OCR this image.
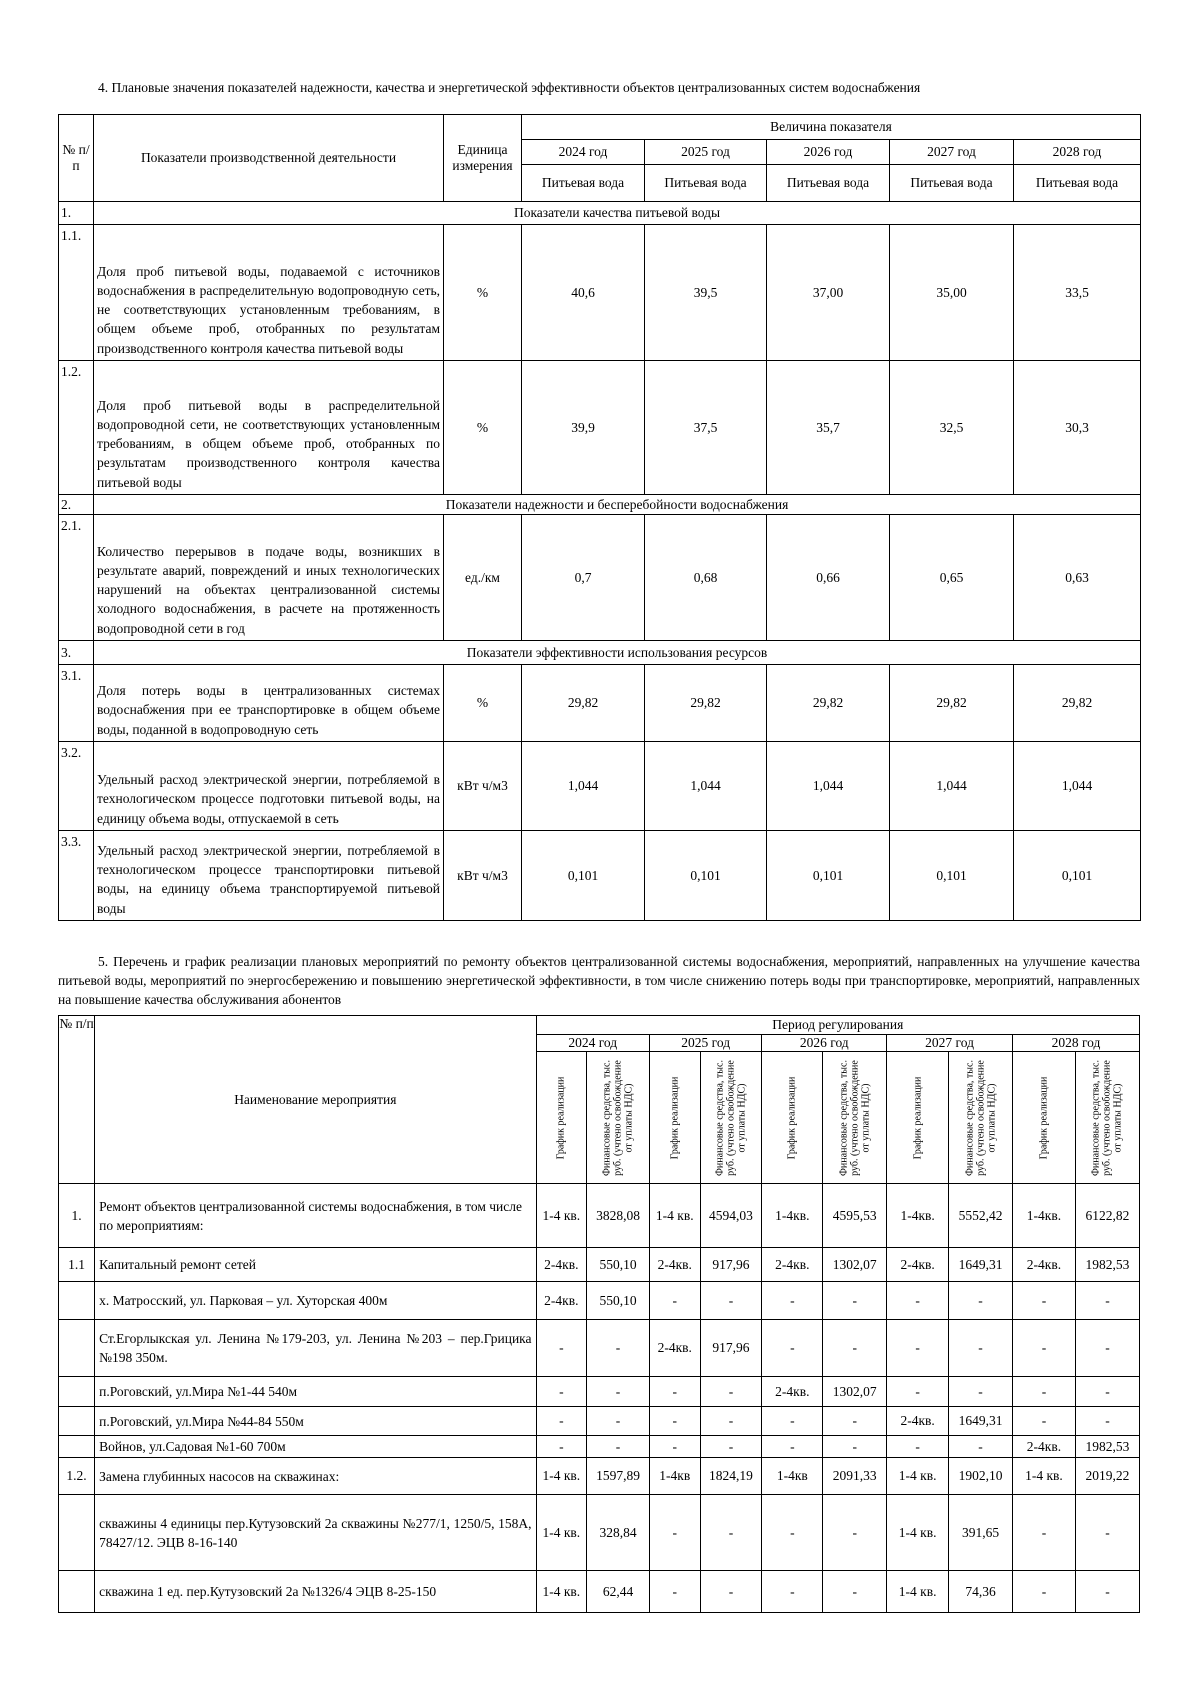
4. Плановые значения показателей надежности, качества и энергетической эффективности объектов централизованных систем водоснабжения
№ п/п	Показатели производственной деятельности	Единица измерения	Величина показателя				
			2024 год	2025 год	2026 год	2027 год	2028 год
			Питьевая вода	Питьевая вода	Питьевая вода	Питьевая вода	Питьевая вода
1.	Показатели качества питьевой воды						
1.1.	Доля проб питьевой воды, подаваемой с источников водоснабжения в распределительную водопроводную сеть, не соответствующих установленным требованиям, в общем объеме проб, отобранных по результатам производственного контроля качества питьевой воды	%	40,6	39,5	37,00	35,00	33,5
1.2.	Доля проб питьевой воды в распределительной водопроводной сети, не соответствующих установленным требованиям, в общем объеме проб, отобранных по результатам производственного контроля качества питьевой воды	%	39,9	37,5	35,7	32,5	30,3
2.	Показатели надежности и бесперебойности водоснабжения						
2.1.	Количество перерывов в подаче воды, возникших в результате аварий, повреждений и иных технологических нарушений на объектах централизованной системы холодного водоснабжения, в расчете на протяженность водопроводной сети в год	ед./км	0,7	0,68	0,66	0,65	0,63
3.	Показатели эффективности использования ресурсов						
3.1.	Доля потерь воды в централизованных системах водоснабжения при ее транспортировке в общем объеме воды, поданной в водопроводную сеть	%	29,82	29,82	29,82	29,82	29,82
3.2.	Удельный расход электрической энергии, потребляемой в технологическом процессе подготовки питьевой воды, на единицу объема воды, отпускаемой в сеть	кВт ч/м3	1,044	1,044	1,044	1,044	1,044
3.3.	Удельный расход электрической энергии, потребляемой в технологическом процессе транспортировки питьевой воды, на единицу объема транспортируемой питьевой воды	кВт ч/м3	0,101	0,101	0,101	0,101	0,101
5. Перечень и график реализации плановых мероприятий по ремонту объектов централизованной системы водоснабжения, мероприятий, направленных на улучшение качества питьевой воды, мероприятий по энергосбережению и повышению энергетической эффективности, в том числе снижению потерь воды при транспортировке, мероприятий, направленных на повышение качества обслуживания абонентов
№ п/п	Наименование мероприятия	Период регулирования									
		2024 год		2025 год		2026 год		2027 год		2028 год	

		График реализации	Финансовые средства, тыс. руб. (учтено освобождение от уплаты НДС)	График реализации	Финансовые средства, тыс. руб. (учтено освобождение от уплаты НДС)	График реализации	Финансовые средства, тыс. руб. (учтено освобождение от уплаты НДС)	График реализации	Финансовые средства, тыс. руб. (учтено освобождение от уплаты НДС)	График реализации	Финансовые средства, тыс. руб. (учтено освобождение от уплаты НДС)

1.	Ремонт объектов централизованной системы водоснабжения, в том числе по мероприятиям:	1-4 кв.	3828,08	1-4 кв.	4594,03	1-4кв.	4595,53	1-4кв.	5552,42	1-4кв.	6122,82
1.1	Капитальный ремонт сетей	2-4кв.	550,10	2-4кв.	917,96	2-4кв.	1302,07	2-4кв.	1649,31	2-4кв.	1982,53
	х. Матросский, ул. Парковая – ул. Хуторская 400м	2-4кв.	550,10	-	-	-	-	-	-	-	-
	Ст.Егорлыкская ул. Ленина №179-203, ул. Ленина №203 – пер.Грицика №198 350м.	-	-	2-4кв.	917,96	-	-	-	-	-	-
	п.Роговский, ул.Мира №1-44 540м	-	-	-	-	2-4кв.	1302,07	-	-	-	-
	п.Роговский, ул.Мира №44-84 550м	-	-	-	-	-	-	2-4кв.	1649,31	-	-
	Войнов, ул.Садовая №1-60 700м	-	-	-	-	-	-	-	-	2-4кв.	1982,53
1.2.	Замена глубинных насосов на скважинах:	1-4 кв.	1597,89	1-4кв	1824,19	1-4кв	2091,33	1-4 кв.	1902,10	1-4 кв.	2019,22
	скважины 4 единицы пер.Кутузовский 2а скважины №277/1, 1250/5, 158А, 78427/12. ЭЦВ 8-16-140	1-4 кв.	328,84	-	-	-	-	1-4 кв.	391,65	-	-
	скважина 1 ед. пер.Кутузовский 2а №1326/4 ЭЦВ 8-25-150	1-4 кв.	62,44	-	-	-	-	1-4 кв.	74,36	-	-
